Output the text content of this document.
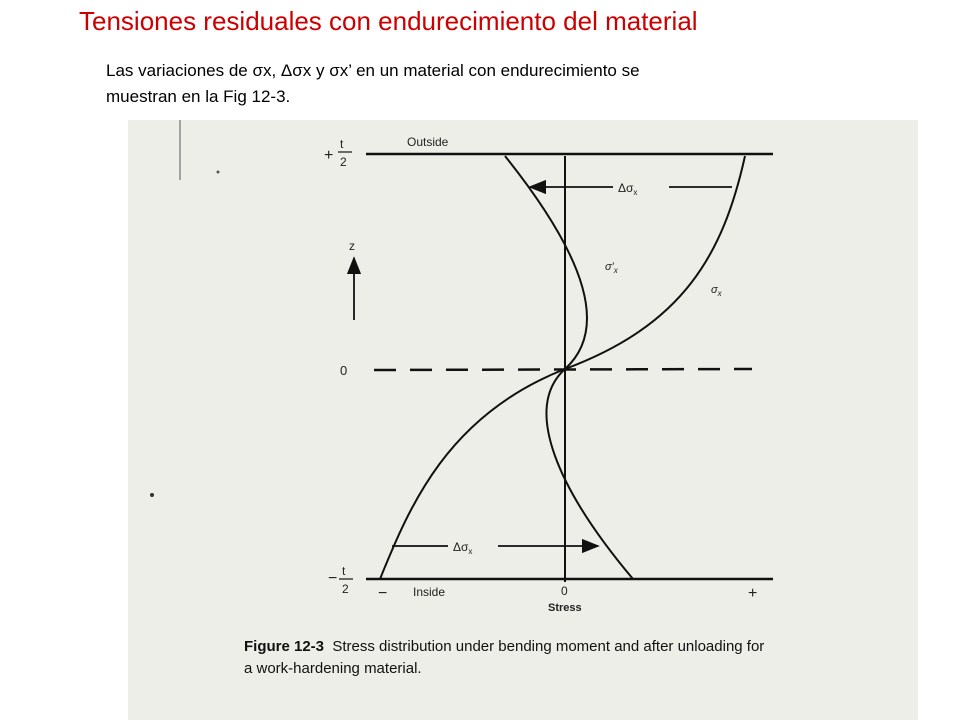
Tensiones residuales con endurecimiento del material
Las variaciones de σx, Δσx y σx’ en un material con endurecimiento se
muestran en la Fig 12-3.
Outside
+
t
2
Inside
− t
2
z
0
0
Stress
−	+
$\sigma_x$
$\sigma'_x$
$\Delta\sigma_x$
$\Delta\sigma_x$
Figure 12-3 Stress distribution under bending moment and after unloading for
a work-hardening material.
